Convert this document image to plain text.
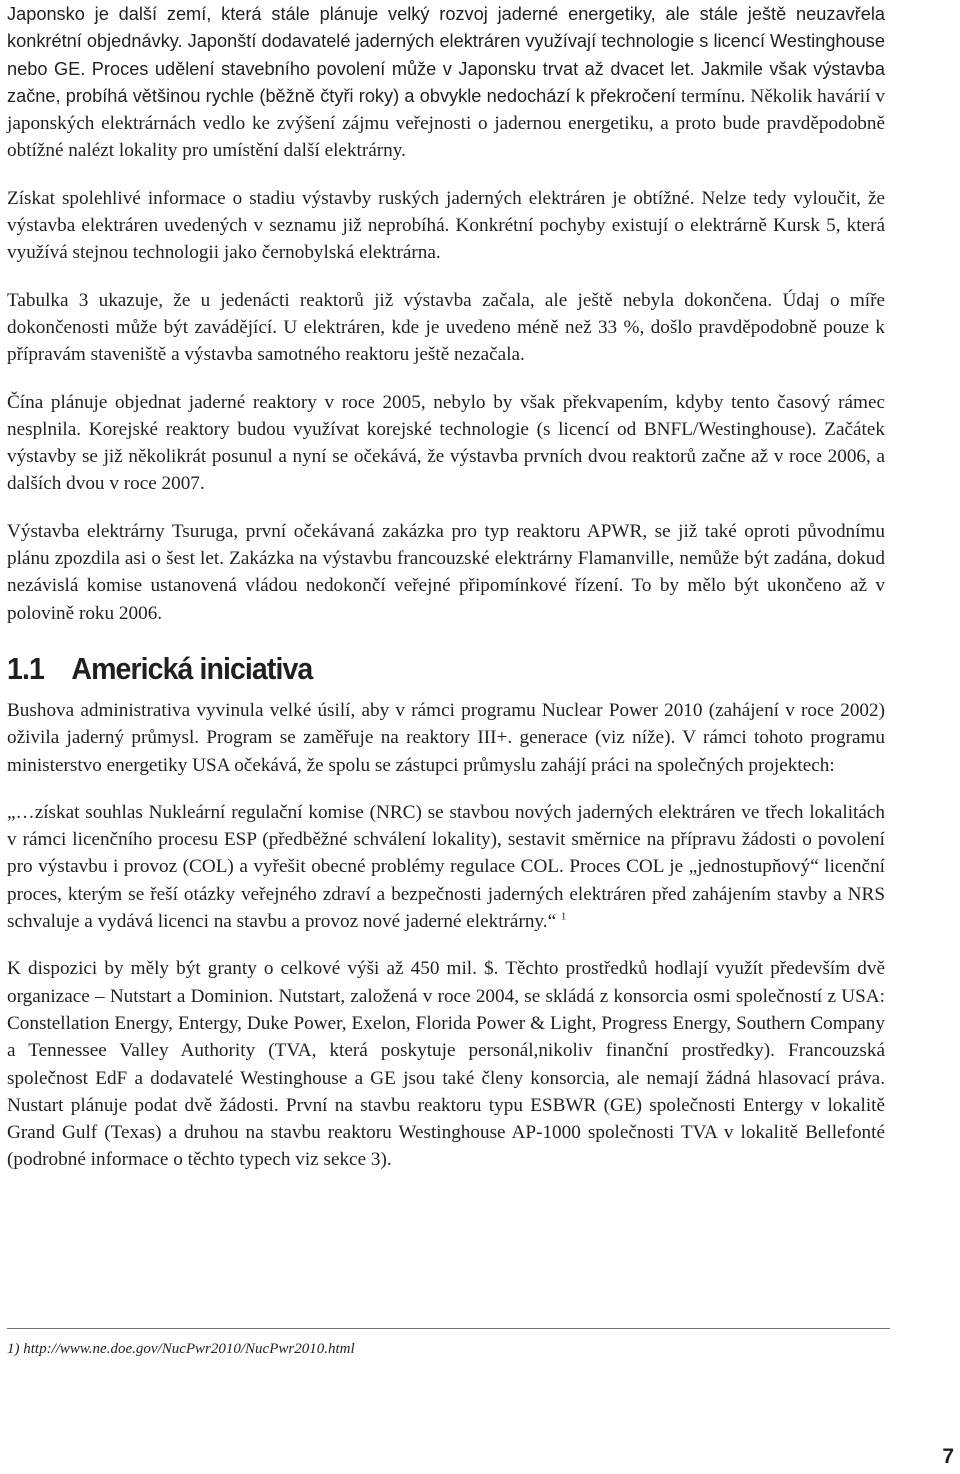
Japonsko je další zemí, která stále plánuje velký rozvoj jaderné energetiky, ale stále ještě neuzavřela konkrétní objednávky. Japonští dodavatelé jaderných elektráren využívají technologie s licencí Westinghouse nebo GE. Proces udělení stavebního povolení může v Japonsku trvat až dvacet let. Jakmile však výstavba začne, probíhá většinou rychle (běžně čtyři roky) a obvykle nedochází k překročení termínu. Několik havárií v japonských elektrárnách vedlo ke zvýšení zájmu veřejnosti o jadernou energetiku, a proto bude pravděpodobně obtížné nalézt lokality pro umístění další elektrárny.

Získat spolehlivé informace o stadiu výstavby ruských jaderných elektráren je obtížné. Nelze tedy vyloučit, že výstavba elektráren uvedených v seznamu již neprobíhá. Konkrétní pochyby existují o elektrárně Kursk 5, která využívá stejnou technologii jako černobylská elektrárna.

Tabulka 3 ukazuje, že u jedenácti reaktorů již výstavba začala, ale ještě nebyla dokončena. Údaj o míře dokončenosti může být zavádějící. U elektráren, kde je uvedeno méně než 33 %, došlo pravděpodobně pouze k přípravám staveniště a výstavba samotného reaktoru ještě nezačala.

Čína plánuje objednat jaderné reaktory v roce 2005, nebylo by však překvapením, kdyby tento časový rámec nesplnila. Korejské reaktory budou využívat korejské technologie (s licencí od BNFL/Westinghouse). Začátek výstavby se již několikrát posunul a nyní se očekává, že výstavba prvních dvou reaktorů začne až v roce 2006, a dalších dvou v roce 2007.

Výstavba elektrárny Tsuruga, první očekávaná zakázka pro typ reaktoru APWR, se již také oproti původnímu plánu zpozdila asi o šest let. Zakázka na výstavbu francouzské elektrárny Flamanville, nemůže být zadána, dokud nezávislá komise ustanovená vládou nedokončí veřejné připomínkové řízení. To by mělo být ukončeno až v polovině roku 2006.

1.1 Americká iniciativa

Bushova administrativa vyvinula velké úsilí, aby v rámci programu Nuclear Power 2010 (zahájení v roce 2002) oživila jaderný průmysl. Program se zaměřuje na reaktory III+. generace (viz níže). V rámci tohoto programu ministerstvo energetiky USA očekává, že spolu se zástupci průmyslu zahájí práci na společných projektech:

„…získat souhlas Nukleární regulační komise (NRC) se stavbou nových jaderných elektráren ve třech lokalitách v rámci licenčního procesu ESP (předběžné schválení lokality), sestavit směrnice na přípravu žádosti o povolení pro výstavbu i provoz (COL) a vyřešit obecné problémy regulace COL. Proces COL je „jednostupňový“ licenční proces, kterým se řeší otázky veřejného zdraví a bezpečnosti jaderných elektráren před zahájením stavby a NRS schvaluje a vydává licenci na stavbu a provoz nové jaderné elektrárny.“ $^1$

K dispozici by měly být granty o celkové výši až 450 mil. $. Těchto prostředků hodlají využít především dvě organizace – Nutstart a Dominion. Nutstart, založená v roce 2004, se skládá z konsorcia osmi společností z USA: Constellation Energy, Entergy, Duke Power, Exelon, Florida Power & Light, Progress Energy, Southern Company a Tennessee Valley Authority (TVA, která poskytuje personál,nikoliv finanční prostředky). Francouzská společnost EdF a dodavatelé Westinghouse a GE jsou také členy konsorcia, ale nemají žádná hlasovací práva. Nustart plánuje podat dvě žádosti. První na stavbu reaktoru typu ESBWR (GE) společnosti Entergy v lokalitě Grand Gulf (Texas) a druhou na stavbu reaktoru Westinghouse AP-1000 společnosti TVA v lokalitě Bellefonté (podrobné informace o těchto typech viz sekce 3).

1) http://www.ne.doe.gov/NucPwr2010/NucPwr2010.html
7
